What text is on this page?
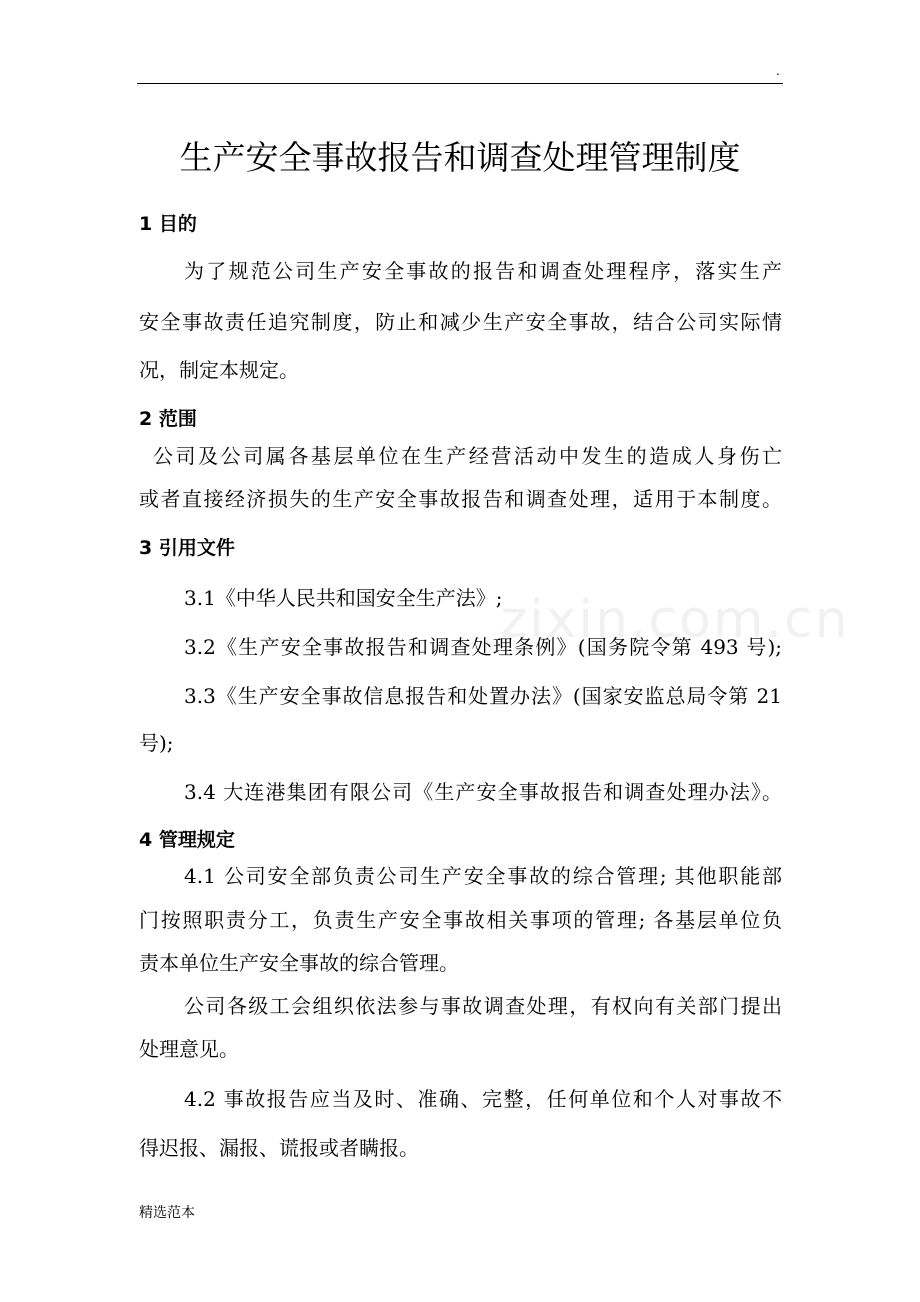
.
生产安全事故报告和调查处理管理制度
zixin.com.cn
1 目的
为了规范公司生产安全事故的报告和调查处理程序，落实生产
安全事故责任追究制度，防止和减少生产安全事故，结合公司实际情
况，制定本规定。
2 范围
公司及公司属各基层单位在生产经营活动中发生的造成人身伤亡
或者直接经济损失的生产安全事故报告和调查处理，适用于本制度。
3 引用文件
3.1《中华人民共和国安全生产法》;
3.2《生产安全事故报告和调查处理条例》(国务院令第 493 号);
3.3《生产安全事故信息报告和处置办法》(国家安监总局令第 21
号);
3.4 大连港集团有限公司《生产安全事故报告和调查处理办法》。
4 管理规定
4.1 公司安全部负责公司生产安全事故的综合管理; 其他职能部
门按照职责分工，负责生产安全事故相关事项的管理; 各基层单位负
责本单位生产安全事故的综合管理。
公司各级工会组织依法参与事故调查处理，有权向有关部门提出
处理意见。
4.2 事故报告应当及时、准确、完整，任何单位和个人对事故不
得迟报、漏报、谎报或者瞒报。
精选范本
